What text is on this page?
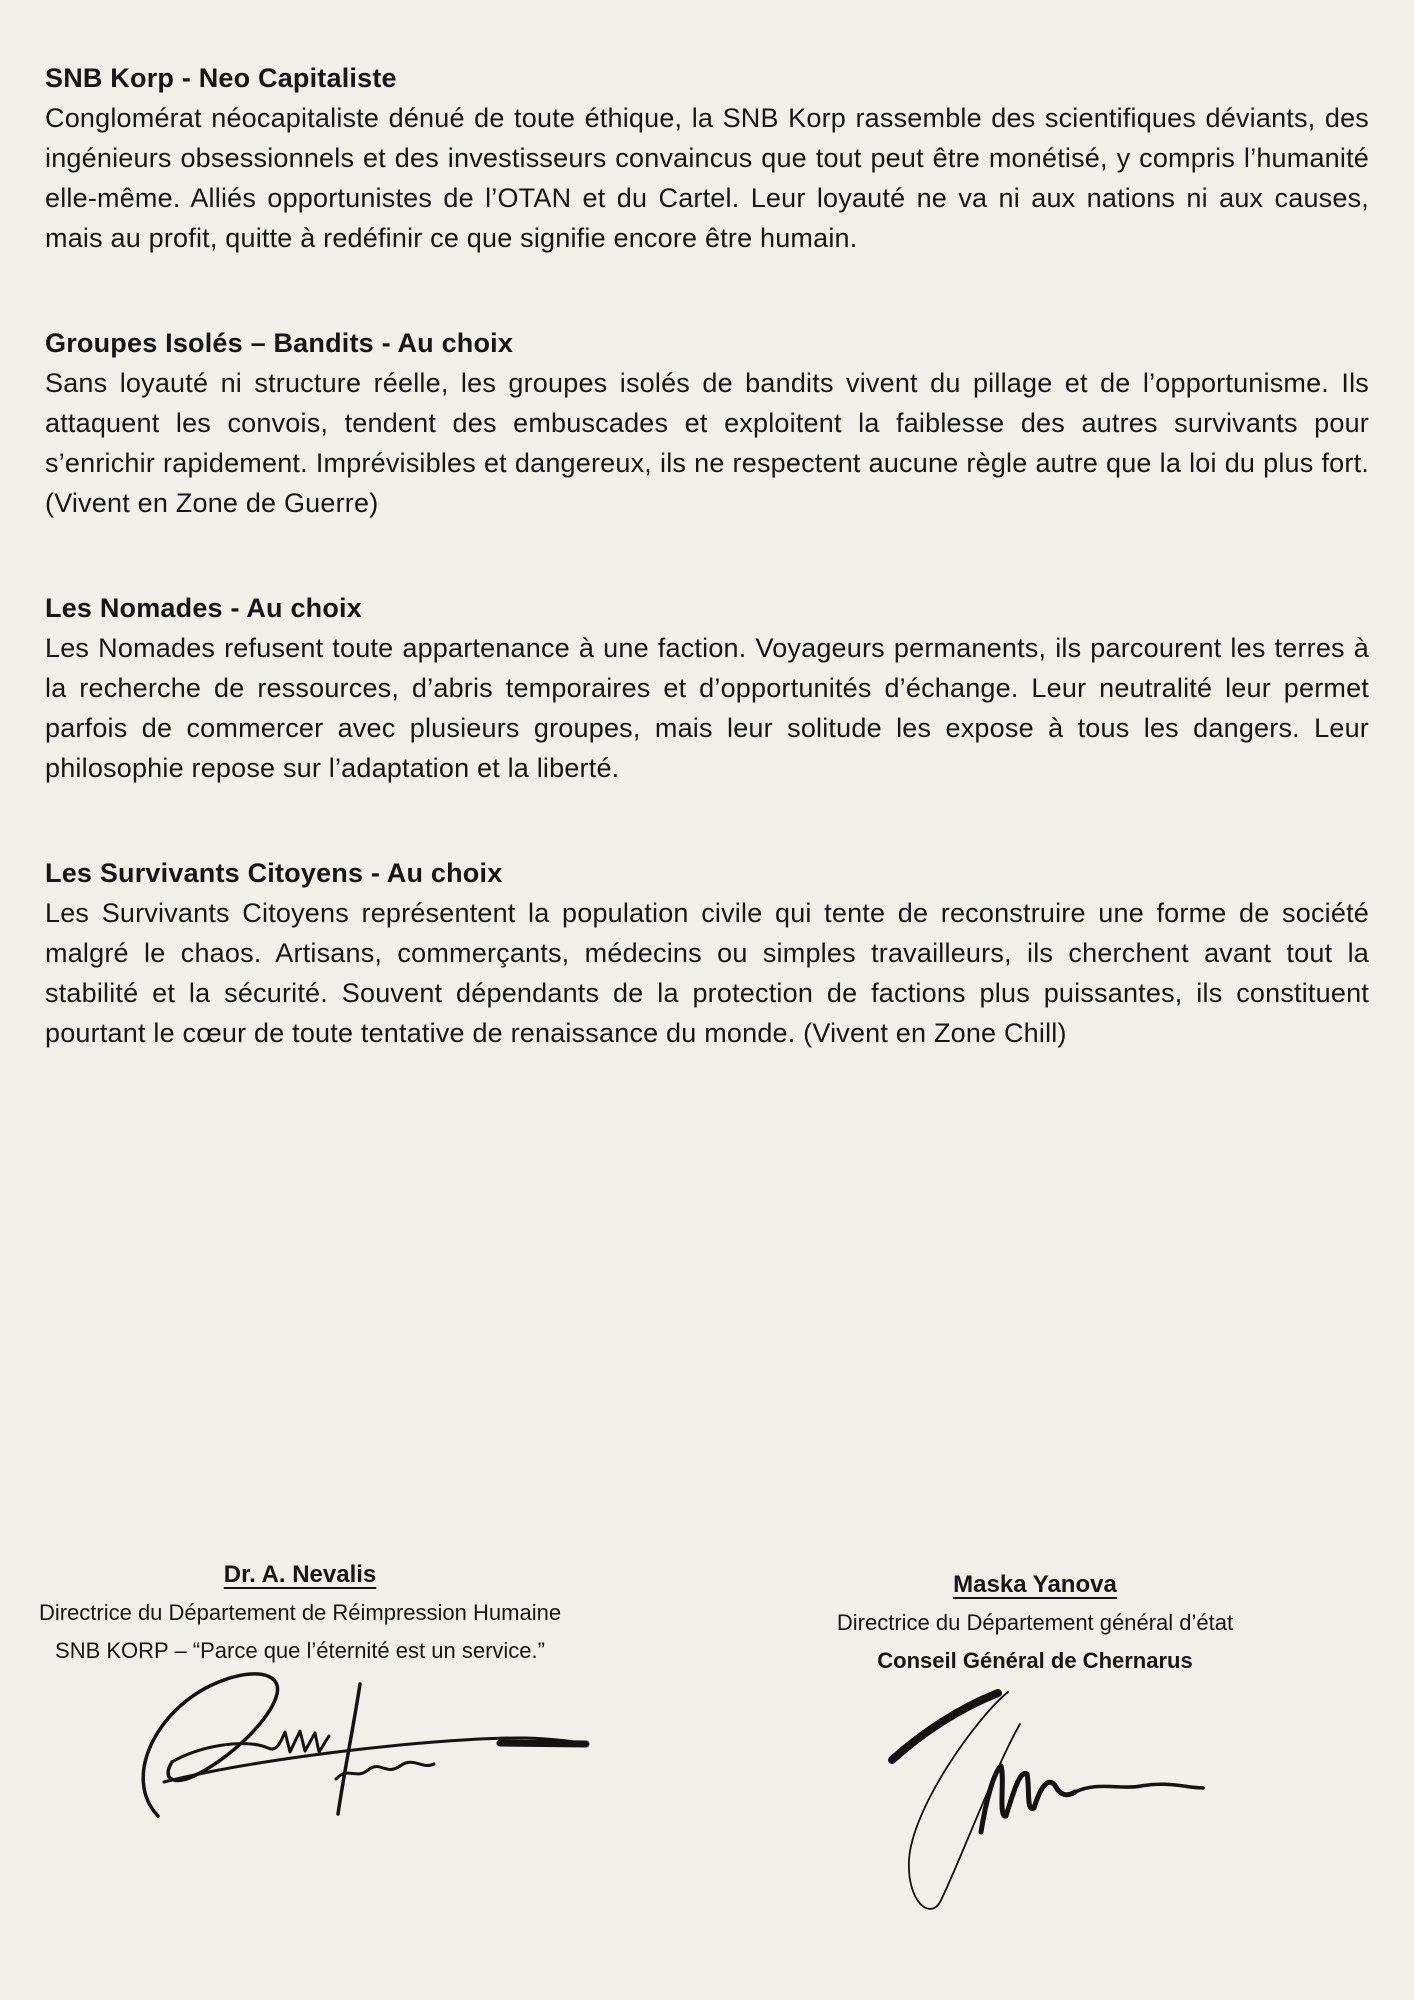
SNB Korp - Neo Capitaliste

Conglomérat néocapitaliste dénué de toute éthique, la SNB Korp rassemble des scientifiques déviants, des ingénieurs obsessionnels et des investisseurs convaincus que tout peut être monétisé, y compris l’humanité elle-même. Alliés opportunistes de l’OTAN et du Cartel. Leur loyauté ne va ni aux nations ni aux causes, mais au profit, quitte à redéfinir ce que signifie encore être humain.

Groupes Isolés – Bandits - Au choix

Sans loyauté ni structure réelle, les groupes isolés de bandits vivent du pillage et de l’opportunisme. Ils attaquent les convois, tendent des embuscades et exploitent la faiblesse des autres survivants pour s’enrichir rapidement. Imprévisibles et dangereux, ils ne respectent aucune règle autre que la loi du plus fort. (Vivent en Zone de Guerre)

Les Nomades - Au choix

Les Nomades refusent toute appartenance à une faction. Voyageurs permanents, ils parcourent les terres à la recherche de ressources, d’abris temporaires et d’opportunités d’échange. Leur neutralité leur permet parfois de commercer avec plusieurs groupes, mais leur solitude les expose à tous les dangers. Leur philosophie repose sur l’adaptation et la liberté.

Les Survivants Citoyens - Au choix

Les Survivants Citoyens représentent la population civile qui tente de reconstruire une forme de société malgré le chaos. Artisans, commerçants, médecins ou simples travailleurs, ils cherchent avant tout la stabilité et la sécurité. Souvent dépendants de la protection de factions plus puissantes, ils constituent pourtant le cœur de toute tentative de renaissance du monde. (Vivent en Zone Chill)

Dr. A. Nevalis
Directrice du Département de Réimpression Humaine
SNB KORP – “Parce que l’éternité est un service.”
Maska Yanova
Directrice du Département général d’état
Conseil Général de Chernarus
